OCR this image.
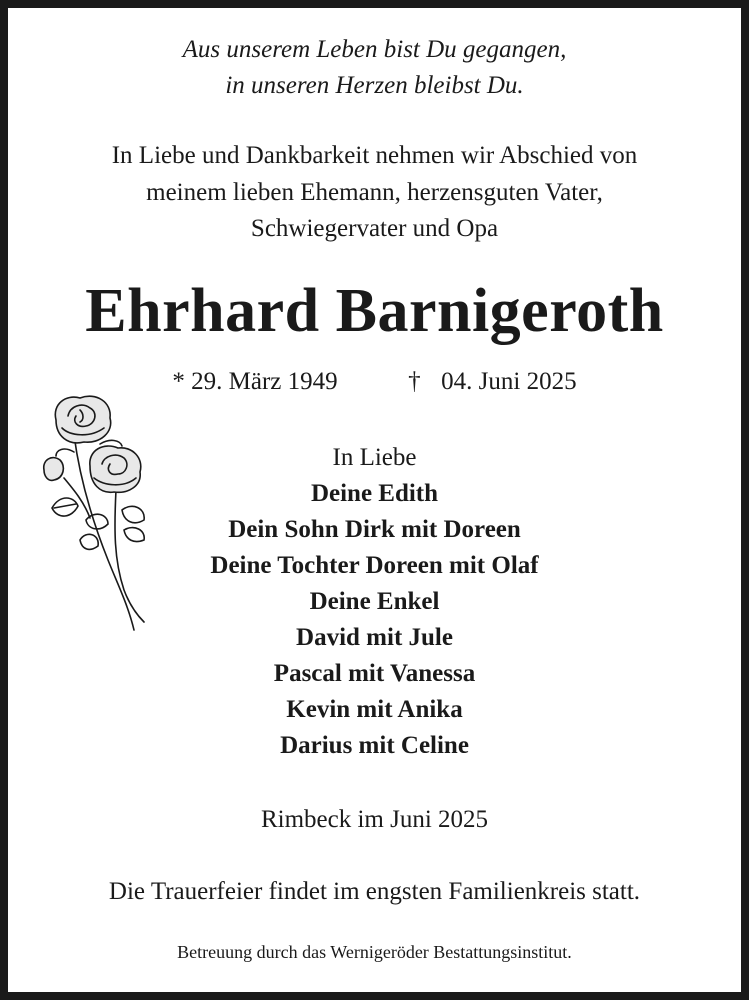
Aus unserem Leben bist Du gegangen,
in unseren Herzen bleibst Du.
In Liebe und Dankbarkeit nehmen wir Abschied von
meinem lieben Ehemann, herzensguten Vater,
Schwiegervater und Opa
Ehrhard Barnigeroth
* 29. März 1949	† 04. Juni 2025
In Liebe
Deine Edith
Dein Sohn Dirk mit Doreen
Deine Tochter Doreen mit Olaf
Deine Enkel
David mit Jule
Pascal mit Vanessa
Kevin mit Anika
Darius mit Celine
Rimbeck im Juni 2025
Die Trauerfeier findet im engsten Familienkreis statt.
Betreuung durch das Wernigeröder Bestattungsinstitut.
